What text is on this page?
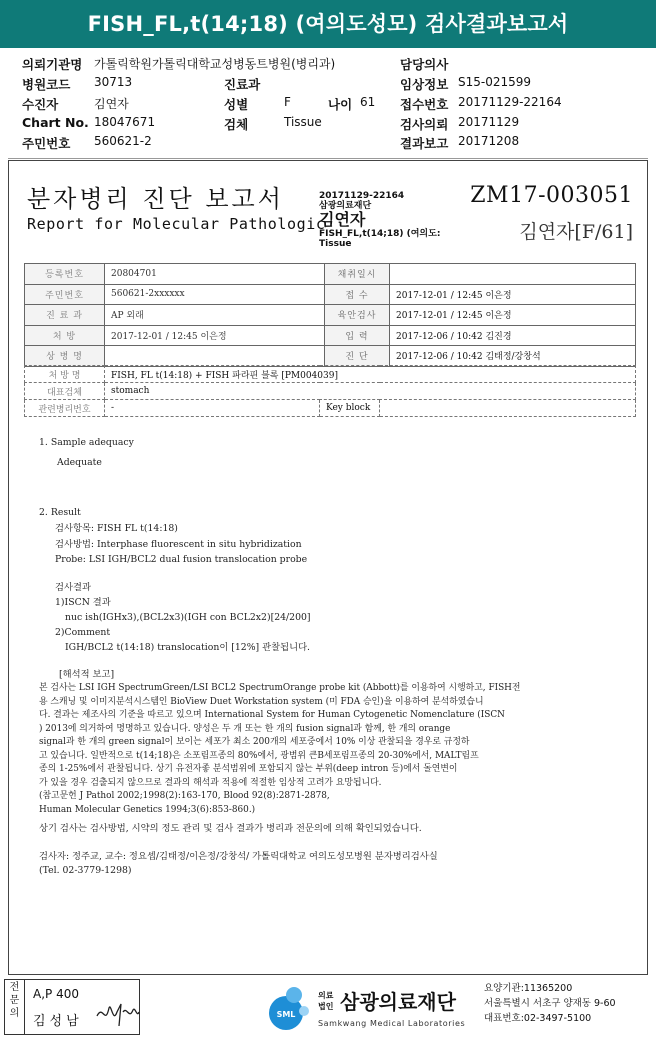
FISH_FL,t(14;18) (여의도성모) 검사결과보고서
의뢰기관명 가톨릭학원가톨릭대학교성병동트병원(병리과)	담당의사
병원코드 30713	진료과	임상정보 S15-021599
수진자	김연자	성별	F	나이 61 접수번호 20171129-22164
Chart No. 18047671	검체	Tissue	검사의뢰 20171129
주민번호 560621-2	결과보고 20171208
분자병리 진단 보고서
Report for Molecular Pathologic
20171129-22164
삼광의료재단
김연자
FISH_FL,t(14;18) (여의도:
Tissue
ZM17-003051
김연자[F/61]
등록번호	20804701	채취일시	
주민번호	560621-2xxxxxx	접 수	2017-12-01 / 12:45 이은정
진 료 과	AP 외래	육안검사	2017-12-01 / 12:45 이은정
처 방	2017-12-01 / 12:45 이은정	입 력	2017-12-06 / 10:42 김진경
상 병 명		진 단	2017-12-06 / 10:42 김태정/강창석
처 방 명	FISH, FL t(14:18) + FISH 파라핀 블록 [PM004039]		
대표검체	stomach		
관련병리번호	-	Key block	
1. Sample adequacy
Adequate
2. Result
검사항목: FISH FL t(14:18)
검사방법: Interphase fluorescent in situ hybridization
Probe: LSI IGH/BCL2 dual fusion translocation probe
검사결과
1)ISCN 결과
nuc ish(IGHx3),(BCL2x3)(IGH con BCL2x2)[24/200]
2)Comment
IGH/BCL2 t(14:18) translocation이 [12%] 관찰됩니다.
[해석적 보고]
본 검사는 LSI IGH SpectrumGreen/LSI BCL2 SpectrumOrange probe kit (Abbott)를 이용하여 시행하고, FISH전
용 스캐닝 및 이미지분석시스템인 BioView Duet Workstation system (미 FDA 승인)을 이용하여 분석하였습니
다. 결과는 제조사의 기준을 따르고 있으며 International System for Human Cytogenetic Nomenclature (ISCN
) 2013에 의거하여 명명하고 있습니다. 양성은 두 개 또는 한 개의 fusion signal과 함께, 한 개의 orange
signal과 한 개의 green signal이 보이는 세포가 최소 200개의 세포중에서 10% 이상 관찰되을 경우로 규정하
고 있습니다. 일반적으로 t(14;18)은 소포림프종의 80%에서, 광범위 큰B세포림프종의 20-30%에서, MALT림프
종의 1-25%에서 관찰됩니다. 상기 유전자좋 분석범위에 포함되지 않는 부위(deep intron 등)에서 돌연변이
가 있을 경우 검출되지 않으므로 결과의 해석과 적용에 적절한 임상적 고려가 요망됩니다.
(참고문헌 J Pathol 2002;1998(2):163-170, Blood 92(8):2871-2878,
Human Molecular Genetics 1994;3(6):853-860.)
상기 검사는 검사방법, 시약의 정도 관리 및 검사 결과가 병리과 전문의에 의해 확인되었습니다.
검사자: 정주교, 교수: 정요셉/김태정/이은정/강창석/ 가톨릭대학교 여의도성모병원 분자병리검사실
(Tel. 02-3779-1298)
전
문
의
A,P 400
김성남	SML
의료
법인 삼광의료재단
Samkwang Medical Laboratories
요양기관:11365200
서울특별시 서초구 양재동 9-60
대표번호:02-3497-5100
